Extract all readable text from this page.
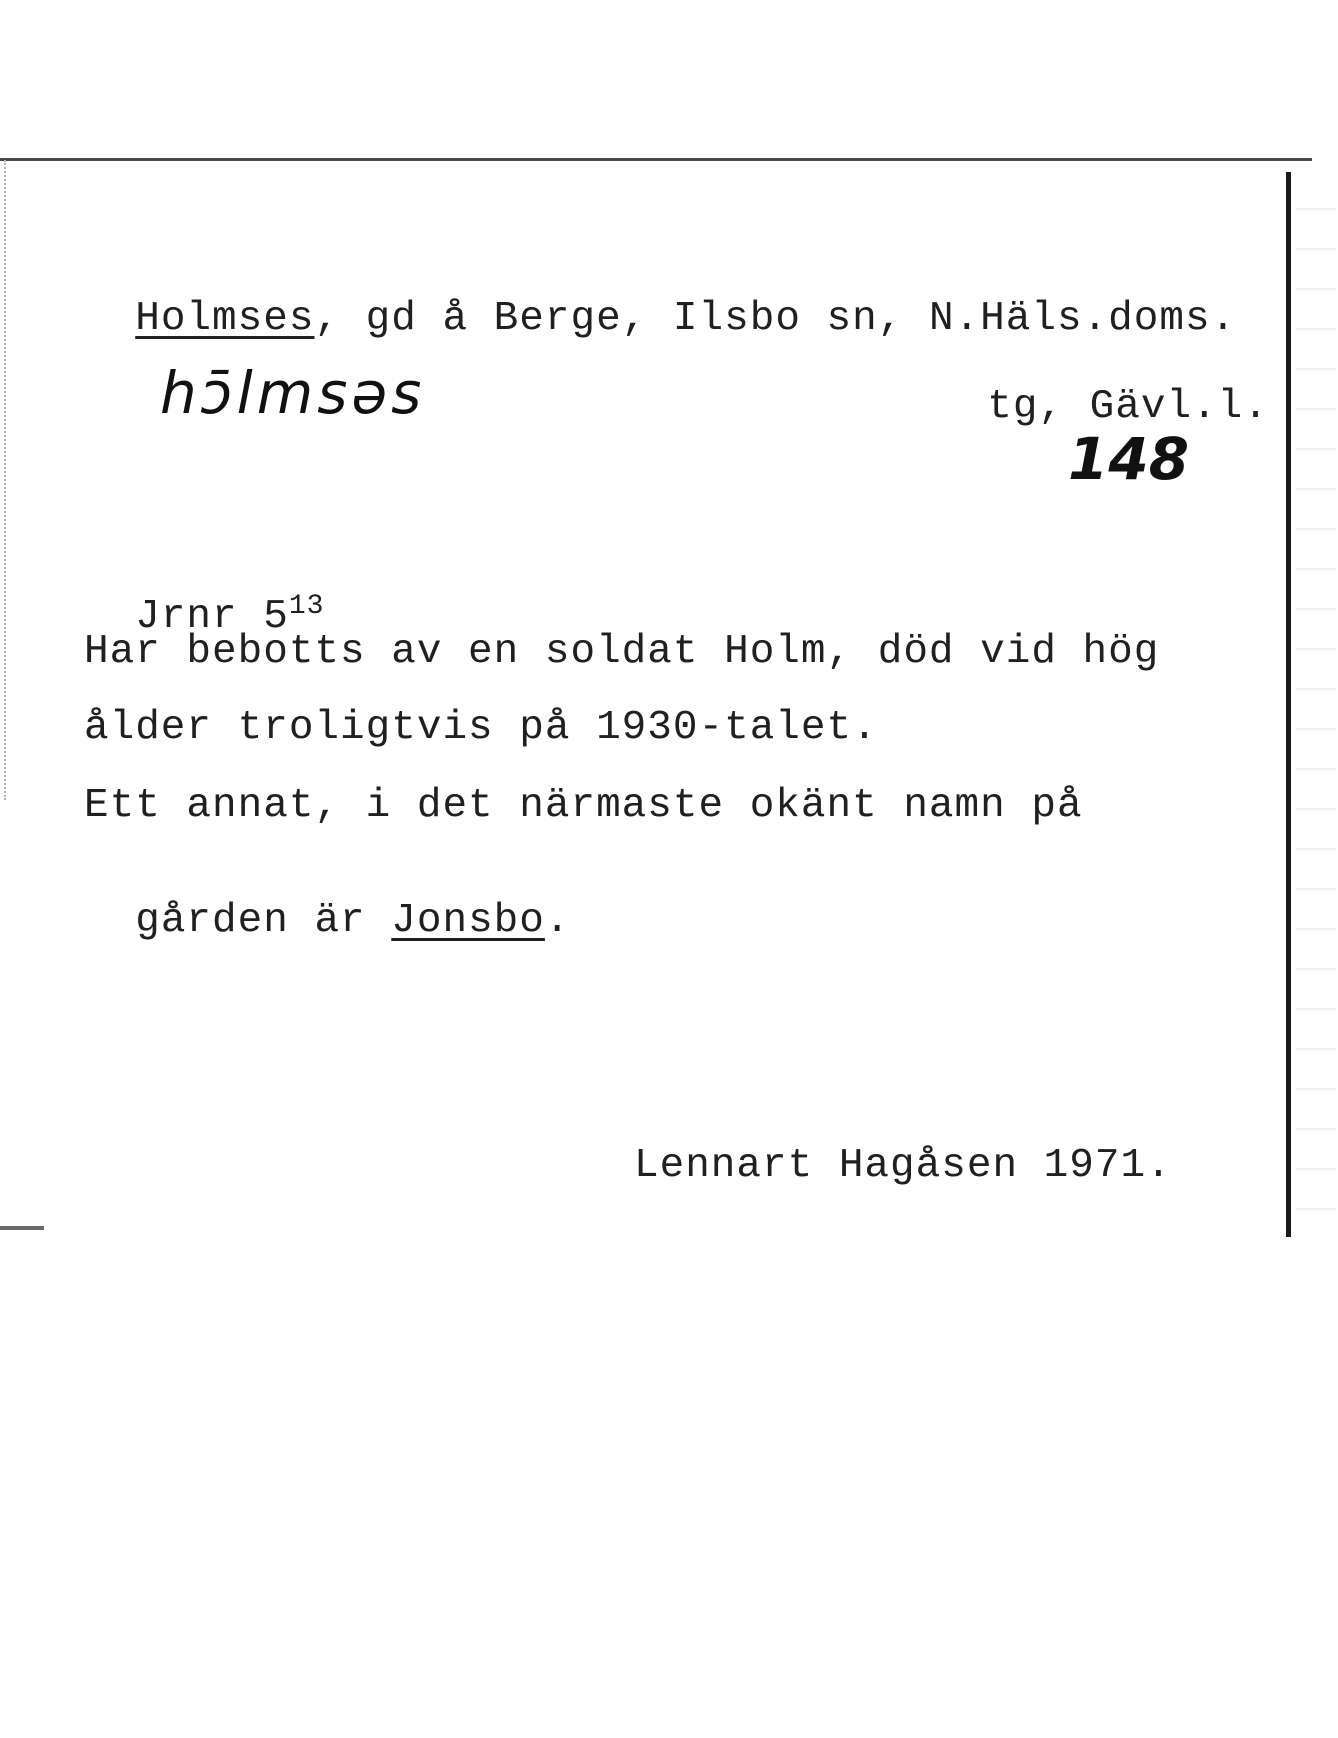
Holmses, gd å Berge, Ilsbo sn, N.Häls.doms.

tg, Gävl.l.

hɔ̄lmsəs
148

Jrnr $5^{13}$

Har bebotts av en soldat Holm, död vid hög
ålder troligtvis på 1930-talet.
Ett annat, i det närmaste okänt namn på

gården är Jonsbo.

Lennart Hagåsen 1971.
